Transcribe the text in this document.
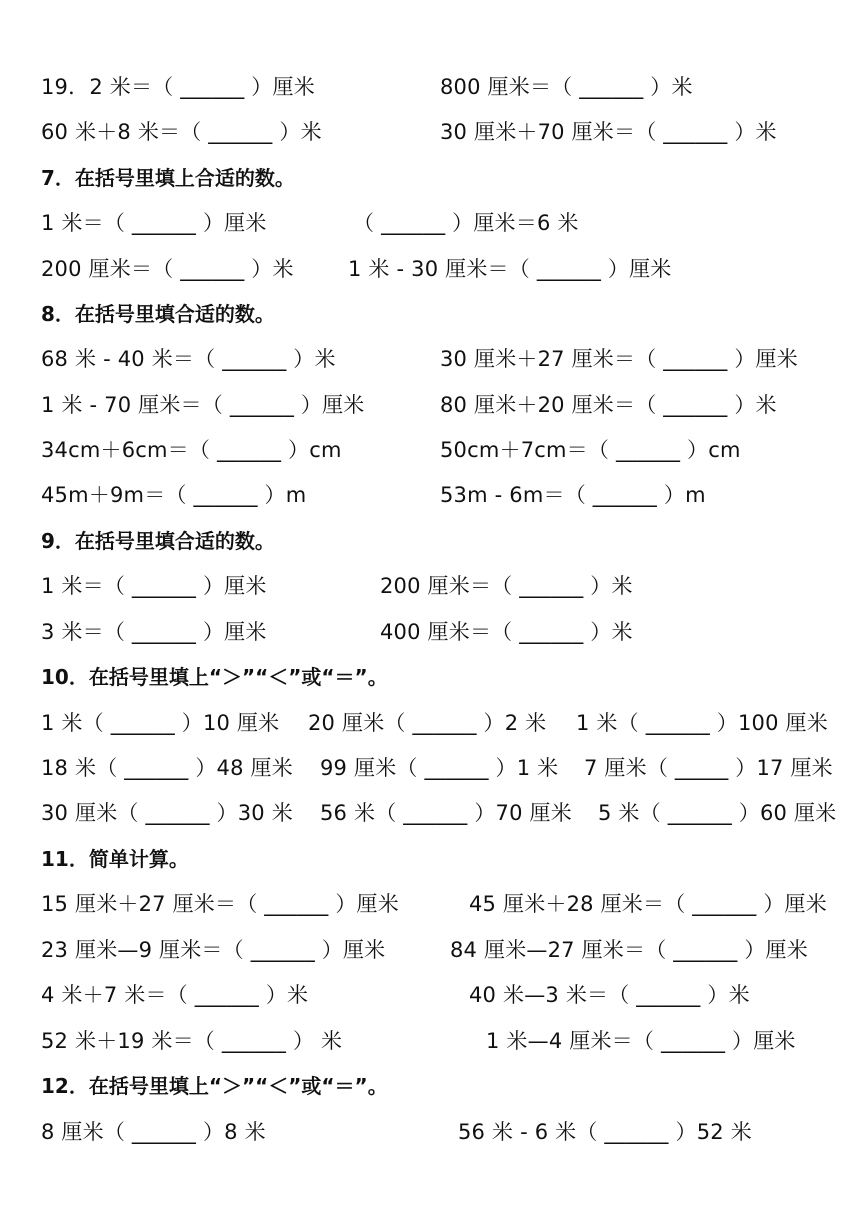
19．2 米＝（ ______ ）厘米	800 厘米＝（ ______ ）米
60 米＋8 米＝（ ______ ）米	30 厘米＋70 厘米＝（ ______ ）米
7．在括号里填上合适的数。
1 米＝（ ______ ）厘米	（ ______ ）厘米＝6 米
200 厘米＝（ ______ ）米	1 米 - 30 厘米＝（ ______ ）厘米
8．在括号里填合适的数。
68 米 - 40 米＝（ ______ ）米	30 厘米＋27 厘米＝（ ______ ）厘米
1 米 - 70 厘米＝（ ______ ）厘米	80 厘米＋20 厘米＝（ ______ ）米
34cm＋6cm＝（ ______ ）cm	50cm＋7cm＝（ ______ ）cm
45m＋9m＝（ ______ ）m	53m - 6m＝（ ______ ）m
9．在括号里填合适的数。
1 米＝（ ______ ）厘米	200 厘米＝（ ______ ）米
3 米＝（ ______ ）厘米	400 厘米＝（ ______ ）米
10．在括号里填上“＞”“＜”或“＝”。
1 米（ ______ ）10 厘米 20 厘米（ ______ ）2 米 1 米（ ______ ）100 厘米
18 米（ ______ ）48 厘米 99 厘米（ ______ ）1 米 7 厘米（ _____ ）17 厘米
30 厘米（ ______ ）30 米 56 米（ ______ ）70 厘米 5 米（ ______ ）60 厘米
11．简单计算。
15 厘米＋27 厘米＝（ ______ ）厘米	45 厘米＋28 厘米＝（ ______ ）厘米
23 厘米—9 厘米＝（ ______ ）厘米	84 厘米—27 厘米＝（ ______ ）厘米
4 米＋7 米＝（ ______ ）米	40 米—3 米＝（ ______ ）米
52 米＋19 米＝（ ______ ） 米	1 米—4 厘米＝（ ______ ）厘米
12．在括号里填上“＞”“＜”或“＝”。
8 厘米（ ______ ）8 米	56 米 - 6 米（ ______ ）52 米
